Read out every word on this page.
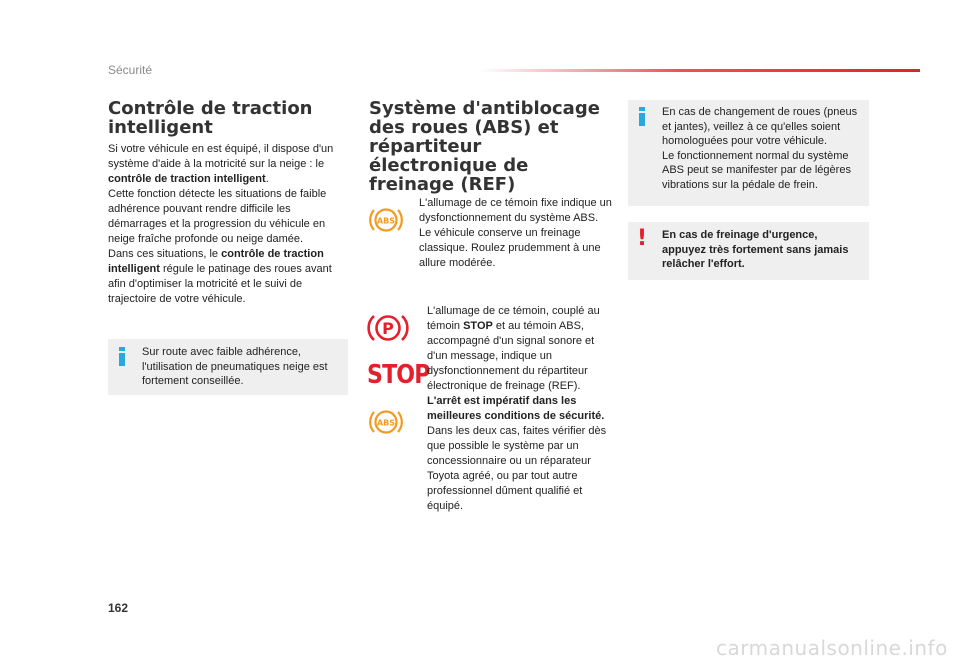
Sécurité
Contrôle de traction intelligent
Si votre véhicule en est équipé, il dispose d'un système d'aide à la motricité sur la neige : le contrôle de traction intelligent.
Cette fonction détecte les situations de faible adhérence pouvant rendre difficile les démarrages et la progression du véhicule en neige fraîche profonde ou neige damée.
Dans ces situations, le contrôle de traction intelligent régule le patinage des roues avant afin d'optimiser la motricité et le suivi de trajectoire de votre véhicule.
Sur route avec faible adhérence, l'utilisation de pneumatiques neige est fortement conseillée.
Système d'antiblocage des roues (ABS) et répartiteur électronique de freinage (REF)
ABS
L'allumage de ce témoin fixe indique un dysfonctionnement du système ABS.
Le véhicule conserve un freinage classique. Roulez prudemment à une allure modérée.
P
STOP
ABS
L'allumage de ce témoin, couplé au témoin STOP et au témoin ABS, accompagné d'un signal sonore et d'un message, indique un dysfonctionnement du répartiteur électronique de freinage (REF).
L'arrêt est impératif dans les meilleures conditions de sécurité.
Dans les deux cas, faites vérifier dès que possible le système par un concessionnaire ou un réparateur Toyota agréé, ou par tout autre professionnel dûment qualifié et équipé.
En cas de changement de roues (pneus et jantes), veillez à ce qu'elles soient homologuées pour votre véhicule.
Le fonctionnement normal du système ABS peut se manifester par de légères vibrations sur la pédale de frein.
! En cas de freinage d'urgence, appuyez très fortement sans jamais relâcher l'effort.
162
carmanualsonline.info
